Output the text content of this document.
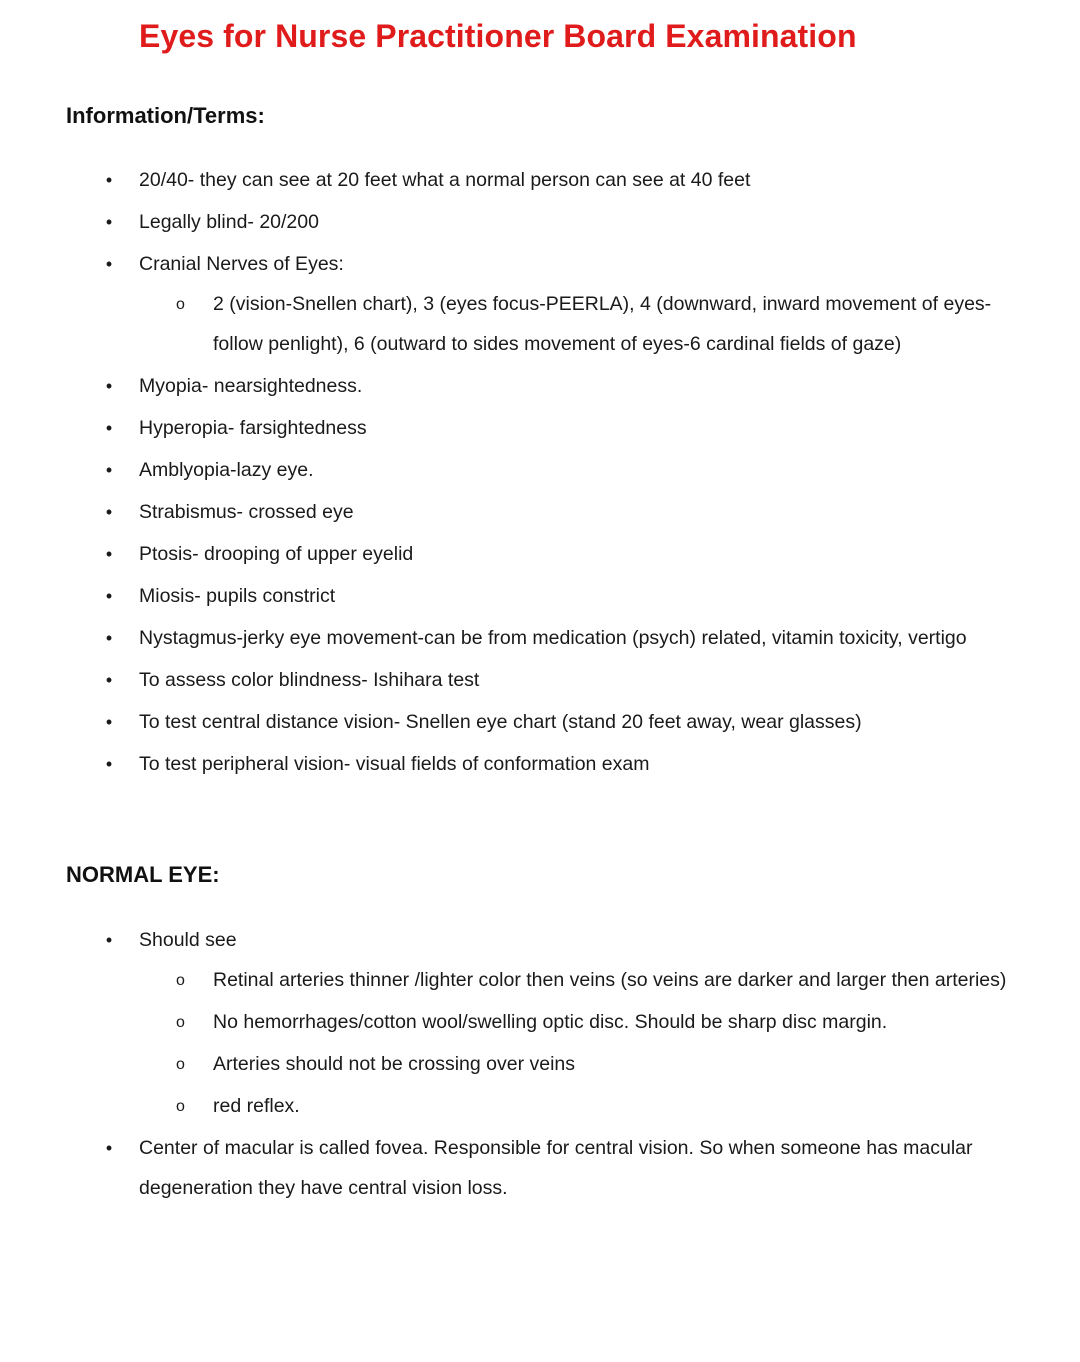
Eyes for Nurse Practitioner Board Examination
Information/Terms:
• 20/40- they can see at 20 feet what a normal person can see at 40 feet
• Legally blind- 20/200
• Cranial Nerves of Eyes:
o 2 (vision-Snellen chart), 3 (eyes focus-PEERLA), 4 (downward, inward movement of eyes-follow penlight), 6 (outward to sides movement of eyes-6 cardinal fields of gaze)
• Myopia- nearsightedness.
• Hyperopia- farsightedness
• Amblyopia-lazy eye.
• Strabismus- crossed eye
• Ptosis- drooping of upper eyelid
• Miosis- pupils constrict
• Nystagmus-jerky eye movement-can be from medication (psych) related, vitamin toxicity, vertigo
• To assess color blindness- Ishihara test
• To test central distance vision- Snellen eye chart (stand 20 feet away, wear glasses)
• To test peripheral vision- visual fields of conformation exam
NORMAL EYE:
• Should see
o Retinal arteries thinner /lighter color then veins (so veins are darker and larger then arteries)
o No hemorrhages/cotton wool/swelling optic disc. Should be sharp disc margin.
o Arteries should not be crossing over veins
o red reflex.
• Center of macular is called fovea. Responsible for central vision. So when someone has macular degeneration they have central vision loss.
